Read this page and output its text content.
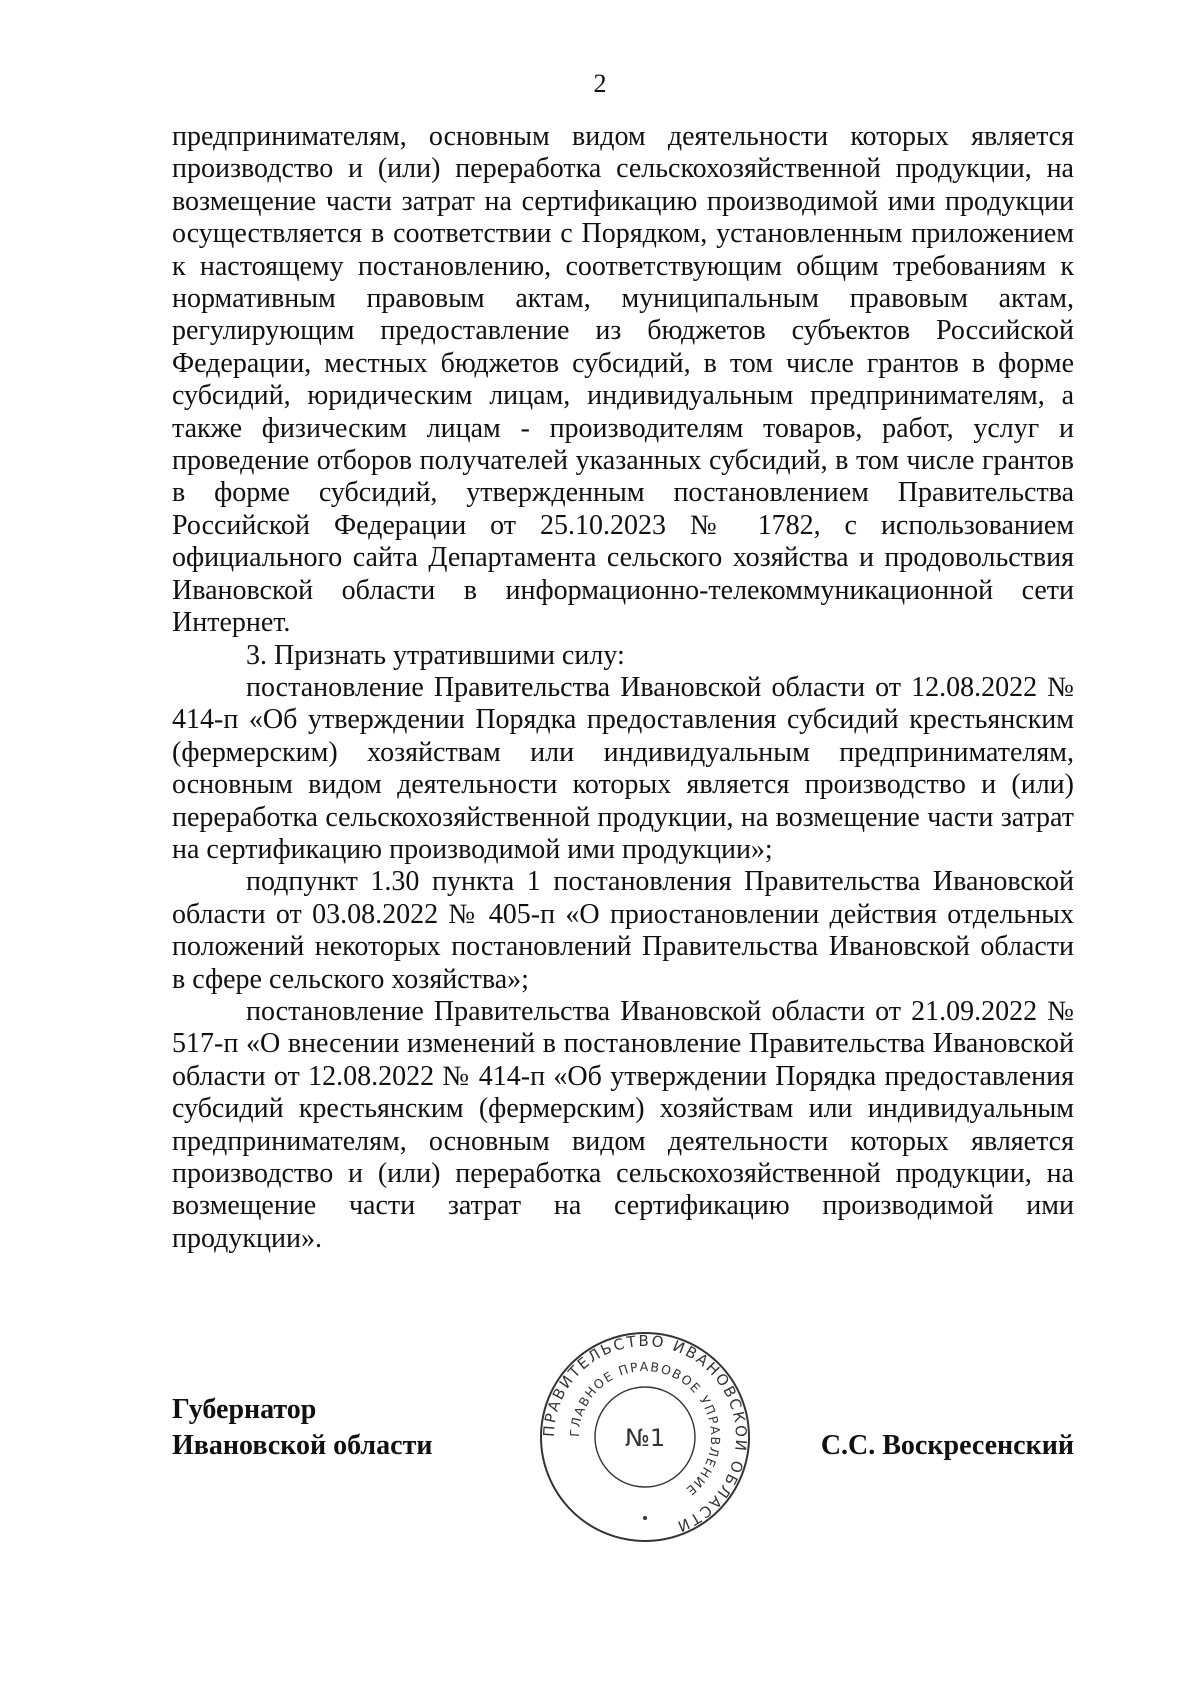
2

предпринимателям, основным видом деятельности которых является производство и (или) переработка сельскохозяйственной продукции, на возмещение части затрат на сертификацию производимой ими продукции осуществляется в соответствии с Порядком, установленным приложением к настоящему постановлению, соответствующим общим требованиям к нормативным правовым актам, муниципальным правовым актам, регулирующим предоставление из бюджетов субъектов Российской Федерации, местных бюджетов субсидий, в том числе грантов в форме субсидий, юридическим лицам, индивидуальным предпринимателям, а также физическим лицам - производителям товаров, работ, услуг и проведение отборов получателей указанных субсидий, в том числе грантов в форме субсидий, утвержденным постановлением Правительства Российской Федерации от 25.10.2023 № 1782, с использованием официального сайта Департамента сельского хозяйства и продовольствия Ивановской области в информационно-телекоммуникационной сети Интернет.

3. Признать утратившими силу:

постановление Правительства Ивановской области от 12.08.2022 № 414-п «Об утверждении Порядка предоставления субсидий крестьянским (фермерским) хозяйствам или индивидуальным предпринимателям, основным видом деятельности которых является производство и (или) переработка сельскохозяйственной продукции, на возмещение части затрат на сертификацию производимой ими продукции»;

подпункт 1.30 пункта 1 постановления Правительства Ивановской области от 03.08.2022 № 405-п «О приостановлении действия отдельных положений некоторых постановлений Правительства Ивановской области в сфере сельского хозяйства»;

постановление Правительства Ивановской области от 21.09.2022 № 517-п «О внесении изменений в постановление Правительства Ивановской области от 12.08.2022 № 414-п «Об утверждении Порядка предоставления субсидий крестьянским (фермерским) хозяйствам или индивидуальным предпринимателям, основным видом деятельности которых является производство и (или) переработка сельскохозяйственной продукции, на возмещение части затрат на сертификацию производимой ими продукции».

Губернатор
Ивановской области	С.С. Воскресенский
ПРАВИТЕЛЬСТВО ИВАНОВСКОЙ ОБЛАСТИ
ГЛАВНОЕ ПРАВОВОЕ УПРАВЛЕНИЕ
№1
